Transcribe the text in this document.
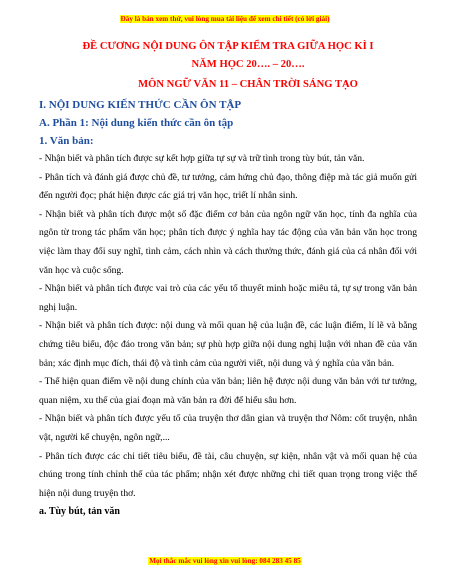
Đây là bản xem thử, vui lòng mua tài liệu để xem chi tiết (có lời giải)

ĐỀ CƯƠNG NỘI DUNG ÔN TẬP KIỂM TRA GIỮA HỌC KÌ I

NĂM HỌC 20…. – 20….

MÔN NGỮ VĂN 11 – CHÂN TRỜI SÁNG TẠO

I. NỘI DUNG KIẾN THỨC CẦN ÔN TẬP

A. Phần 1: Nội dung kiến thức cần ôn tập

1. Văn bản:

- Nhận biết và phân tích được sự kết hợp giữa tự sự và trữ tình trong tùy bút, tản văn.

- Phân tích và đánh giá được chủ đề, tư tưởng, cảm hứng chủ đạo, thông điệp mà tác giả muốn gửi đến người đọc; phát hiện được các giá trị văn học, triết lí nhân sinh.

- Nhận biết và phân tích được một số đặc điểm cơ bản của ngôn ngữ văn học, tính đa nghĩa của ngôn từ trong tác phẩm văn học; phân tích được ý nghĩa hay tác động của văn bản văn học trong việc làm thay đổi suy nghĩ, tình cảm, cách nhìn và cách thưởng thức, đánh giá của cá nhân đối với văn học và cuộc sống.

- Nhận biết và phân tích được vai trò của các yếu tố thuyết minh hoặc miêu tả, tự sự trong văn bản nghị luận.

- Nhận biết và phân tích được: nội dung và mối quan hệ của luận đề, các luận điểm, lí lẽ và bằng chứng tiêu biểu, độc đáo trong văn bản; sự phù hợp giữa nội dung nghị luận với nhan đề của văn bản; xác định mục đích, thái độ và tình cảm của người viết, nội dung và ý nghĩa của văn bản.

- Thể hiện quan điểm về nội dung chính của văn bản; liên hệ được nội dung văn bản với tư tưởng, quan niệm, xu thế của giai đoạn mà văn bản ra đời để hiểu sâu hơn.

- Nhận biết và phân tích được yếu tố của truyện thơ dân gian và truyện thơ Nôm: cốt truyện, nhân vật, người kể chuyện, ngôn ngữ,...

- Phân tích được các chi tiết tiêu biểu, đề tài, câu chuyện, sự kiện, nhân vật và mối quan hệ của chúng trong tính chỉnh thể của tác phẩm; nhận xét được những chi tiết quan trọng trong việc thể hiện nội dung truyện thơ.

a. Tùy bút, tản văn

Mọi thắc mắc vui lòng xin vui lòng: 084 283 45 85
